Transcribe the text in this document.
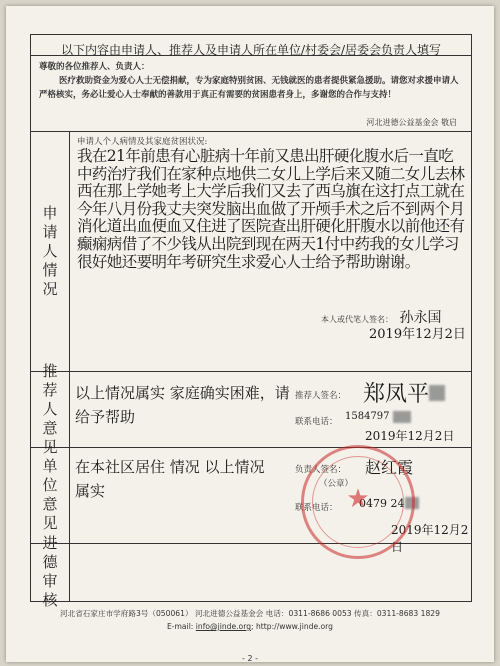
以下内容由申请人、推荐人及申请人所在单位/村委会/居委会负责人填写
尊敬的各位推荐人、负责人：
医疗救助资金为爱心人士无偿捐献，专为家庭特别贫困、无钱就医的患者提供紧急援助。请您对求援申请人严格核实，务必让爱心人士奉献的善款用于真正有需要的贫困患者身上，多谢您的合作与支持！
河北进德公益基金会 敬启
申请人情况
申请人个人病情及其家庭贫困状况:
我在21年前患有心脏病十年前又患出肝硬化腹水后一直吃中药治疗我们在家种点地供二女儿上学后来又随二女儿去林西在那上学她考上大学后我们又去了西乌旗在这打点工就在今年八月份我丈夫突发脑出血做了开颅手术之后不到两个月消化道出血便血又住进了医院查出肝硬化肝腹水以前他还有癫痫病借了不少钱从出院到现在两天1付中药我的女儿学习很好她还要明年考研究生求爱心人士给予帮助谢谢。
本人或代笔人签名： 孙永国
2019年12月2日
推荐人意见
以上情况属实 家庭确实困难，请给予帮助
推荐人签名： 郑凤平
联系电话： 1584797
2019年12月2日
单位意见
在本社区居住 情况 以上情况属实
负责人签名： 赵红霞
（公章）
联系电话： 0479 24
2019年12月2日
进德审核
★
河北省石家庄市学府路3号（050061） 河北进德公益基金会 电话：0311-8686 0053 传真：0311-8683 1829
E-mail: info@jinde.org; http://www.jinde.org
- 2 -
